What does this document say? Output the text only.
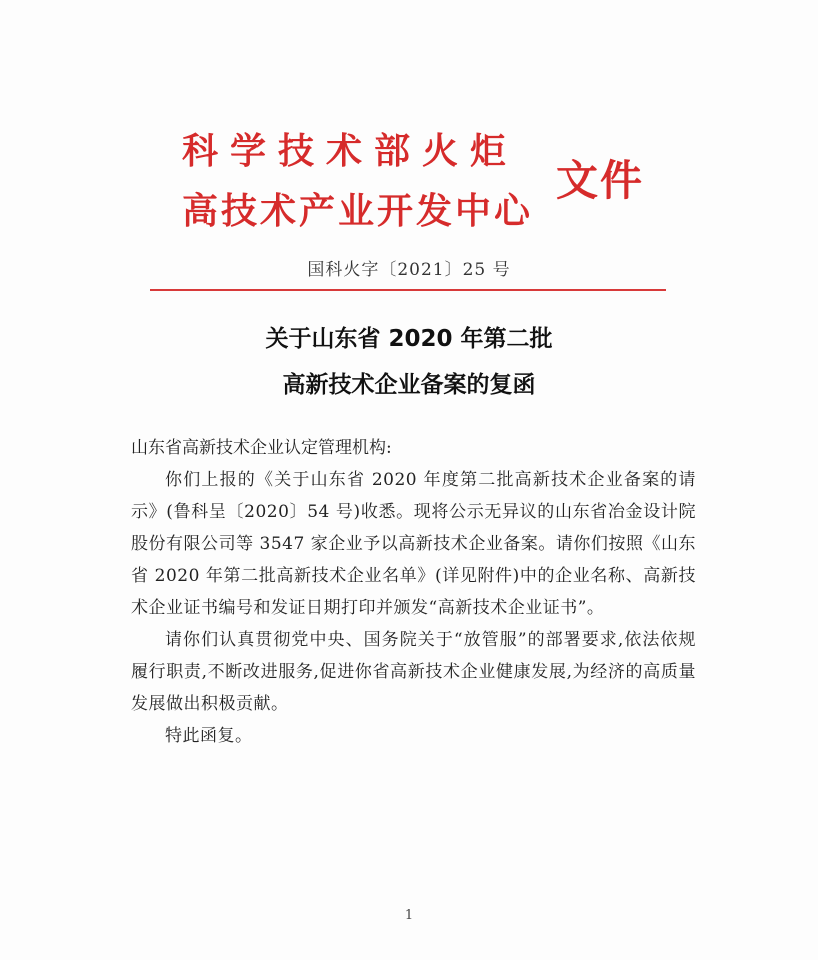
科学技术部火炬
高技术产业开发中心
文件
国科火字〔2021〕25 号
关于山东省 2020 年第二批
高新技术企业备案的复函

山东省高新技术企业认定管理机构:

你们上报的《关于山东省 2020 年度第二批高新技术企业备案的请示》(鲁科呈〔2020〕54 号)收悉。现将公示无异议的山东省冶金设计院股份有限公司等 3547 家企业予以高新技术企业备案。请你们按照《山东省 2020 年第二批高新技术企业名单》(详见附件)中的企业名称、高新技术企业证书编号和发证日期打印并颁发“高新技术企业证书”。

请你们认真贯彻党中央、国务院关于“放管服”的部署要求,依法依规履行职责,不断改进服务,促进你省高新技术企业健康发展,为经济的高质量发展做出积极贡献。

特此函复。

1
